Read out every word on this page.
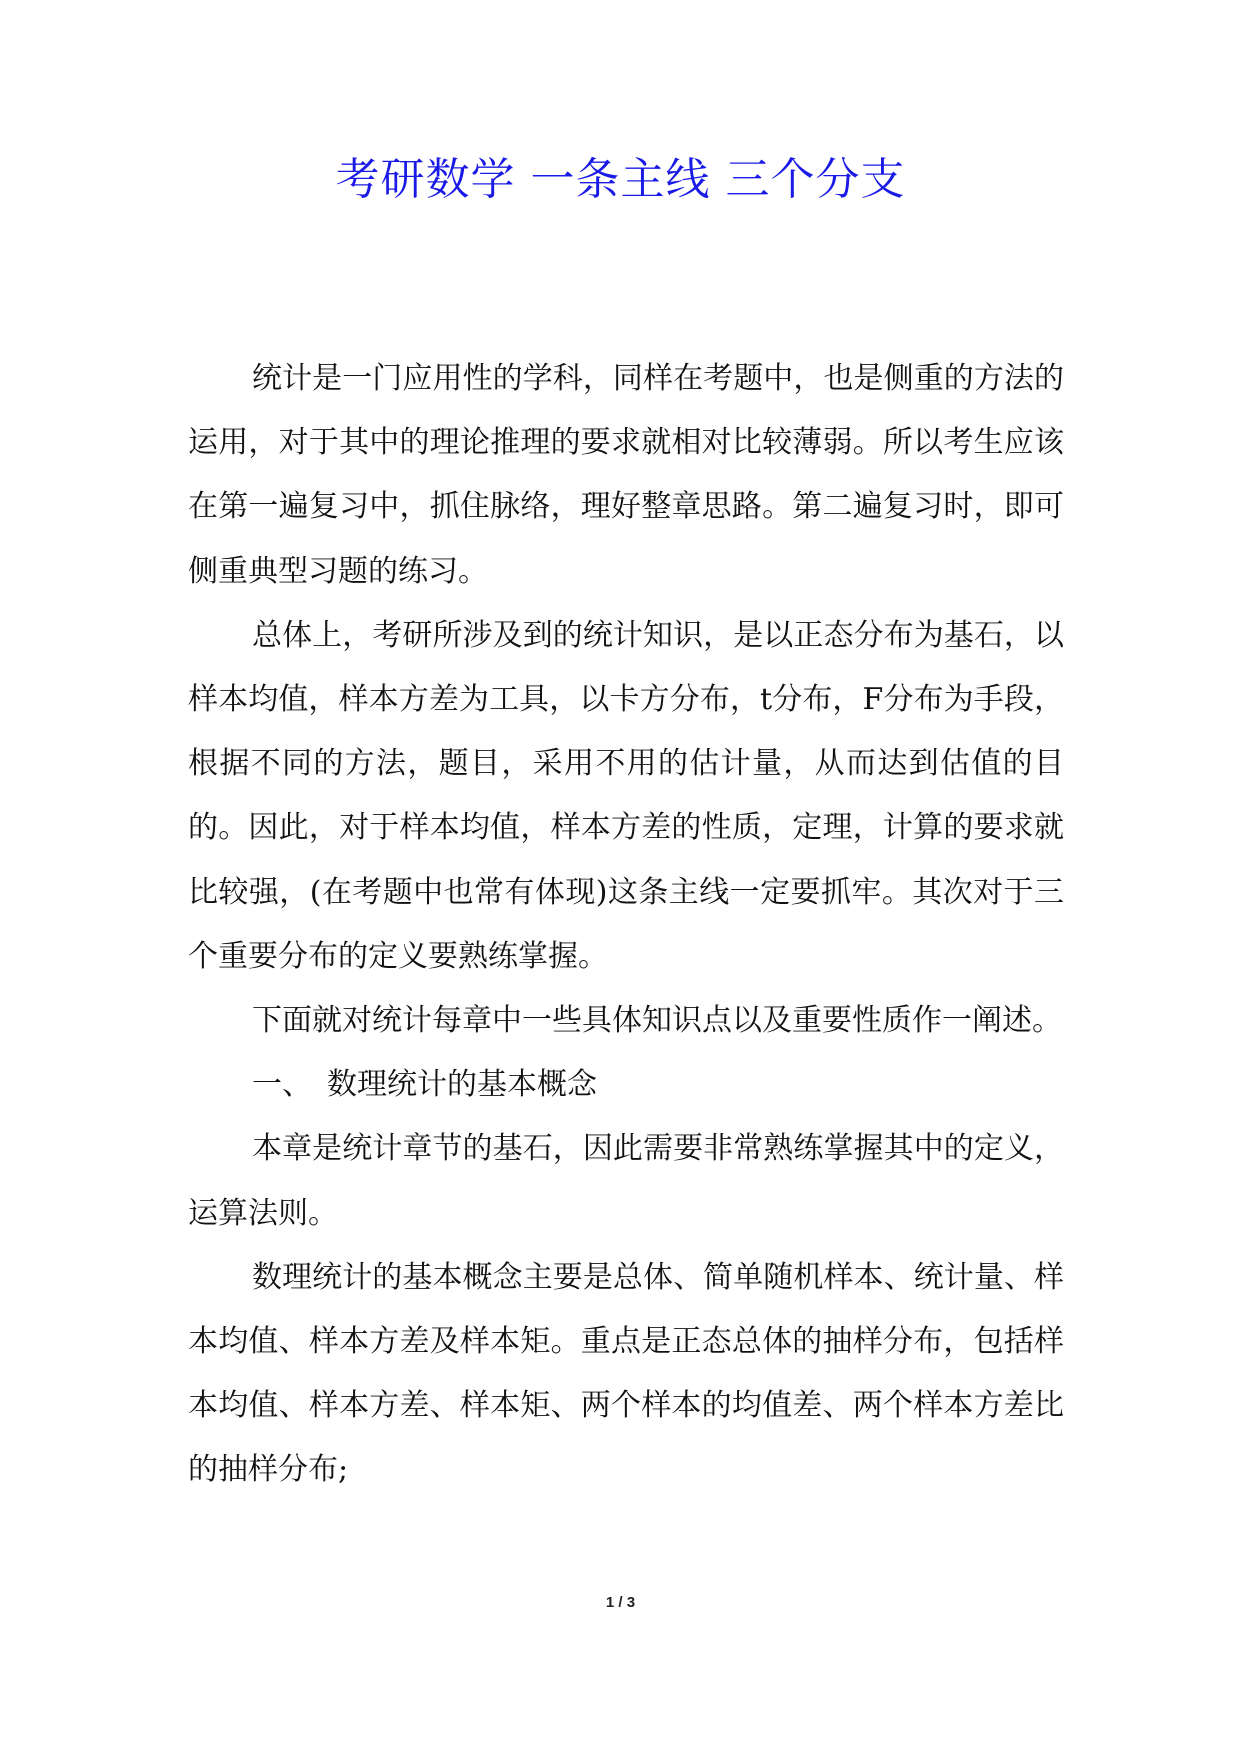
考研数学 一条主线 三个分支

统计是一门应用性的学科，同样在考题中，也是侧重的方法的运用，对于其中的理论推理的要求就相对比较薄弱。所以考生应该在第一遍复习中，抓住脉络，理好整章思路。第二遍复习时，即可侧重典型习题的练习。

总体上，考研所涉及到的统计知识，是以正态分布为基石，以样本均值，样本方差为工具，以卡方分布，t分布，F分布为手段，根据不同的方法，题目，采用不用的估计量，从而达到估值的目的。因此，对于样本均值，样本方差的性质，定理，计算的要求就比较强，(在考题中也常有体现)这条主线一定要抓牢。其次对于三个重要分布的定义要熟练掌握。

下面就对统计每章中一些具体知识点以及重要性质作一阐述。

一、　数理统计的基本概念

本章是统计章节的基石，因此需要非常熟练掌握其中的定义，运算法则。

数理统计的基本概念主要是总体、简单随机样本、统计量、样本均值、样本方差及样本矩。重点是正态总体的抽样分布，包括样本均值、样本方差、样本矩、两个样本的均值差、两个样本方差比的抽样分布;

1 / 3
